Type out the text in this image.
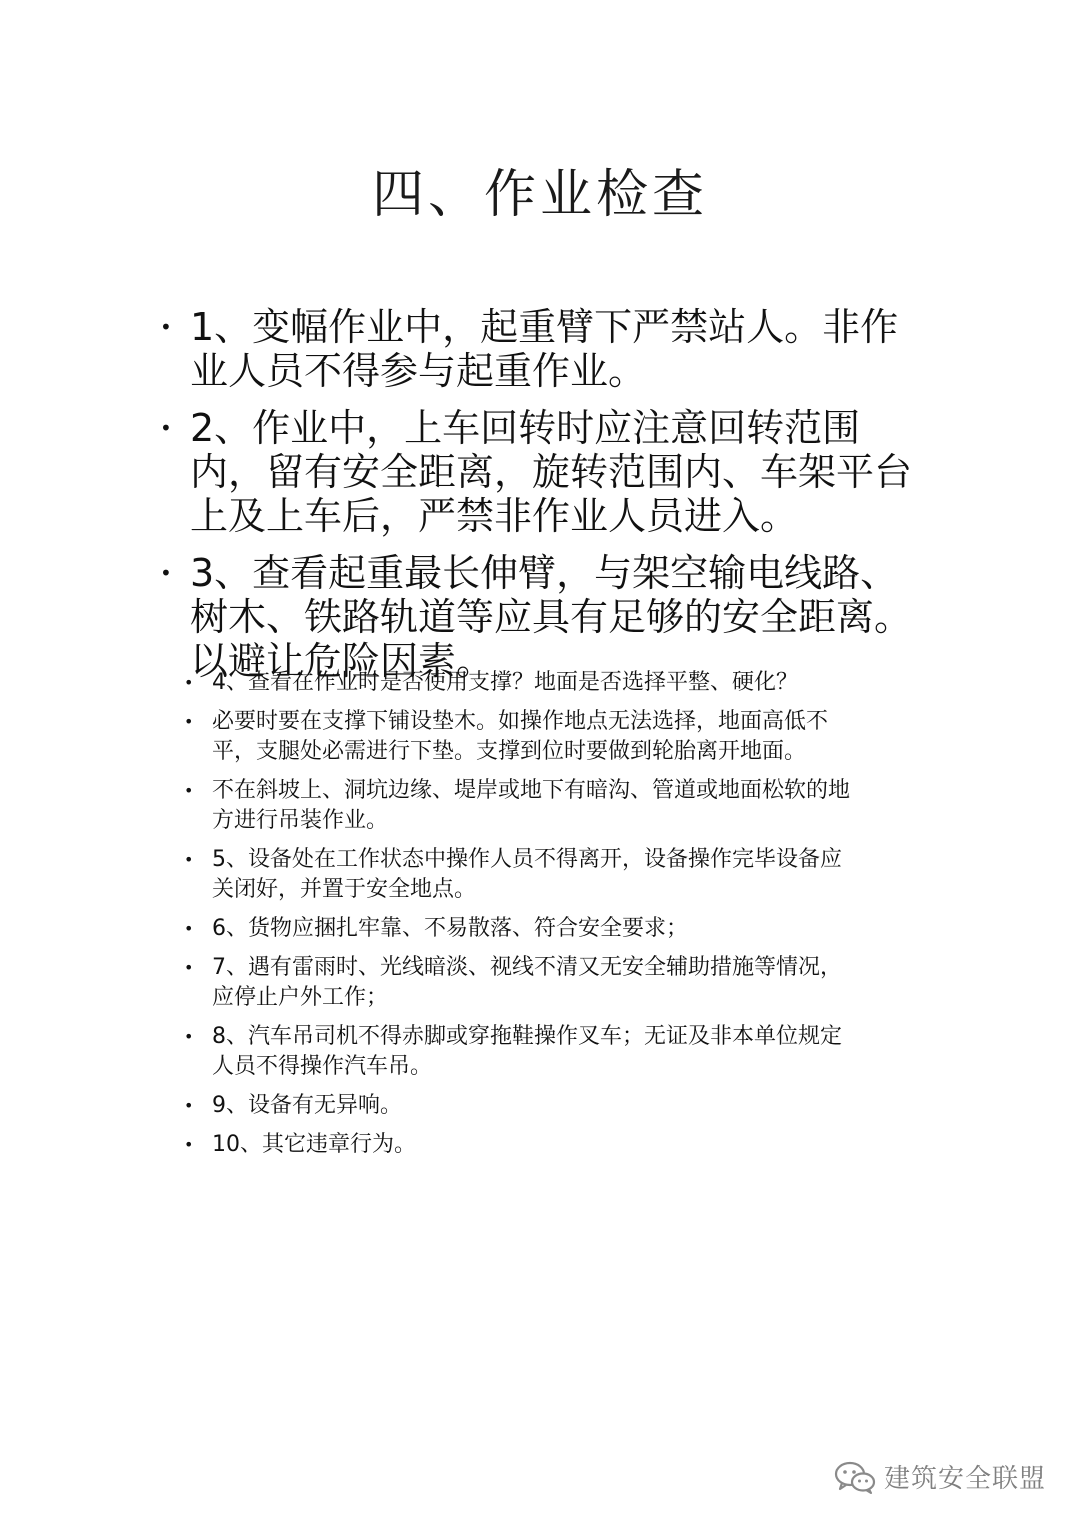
四、作业检查
• 1、变幅作业中，起重臂下严禁站人。非作业人员不得参与起重作业。
• 2、作业中，上车回转时应注意回转范围内，留有安全距离，旋转范围内、车架平台上及上车后，严禁非作业人员进入。
• 3、查看起重最长伸臂，与架空输电线路、树木、铁路轨道等应具有足够的安全距离。以避让危险因素。
• 4、查看在作业时是否使用支撑？地面是否选择平整、硬化？
• 必要时要在支撑下铺设垫木。如操作地点无法选择，地面高低不平，支腿处必需进行下垫。支撑到位时要做到轮胎离开地面。
• 不在斜坡上、洞坑边缘、堤岸或地下有暗沟、管道或地面松软的地方进行吊装作业。
• 5、设备处在工作状态中操作人员不得离开，设备操作完毕设备应关闭好，并置于安全地点。
• 6、货物应捆扎牢靠、不易散落、符合安全要求；
• 7、遇有雷雨时、光线暗淡、视线不清又无安全辅助措施等情况，应停止户外工作；
• 8、汽车吊司机不得赤脚或穿拖鞋操作叉车；无证及非本单位规定人员不得操作汽车吊。
• 9、设备有无异响。
• 10、其它违章行为。
建筑安全联盟
